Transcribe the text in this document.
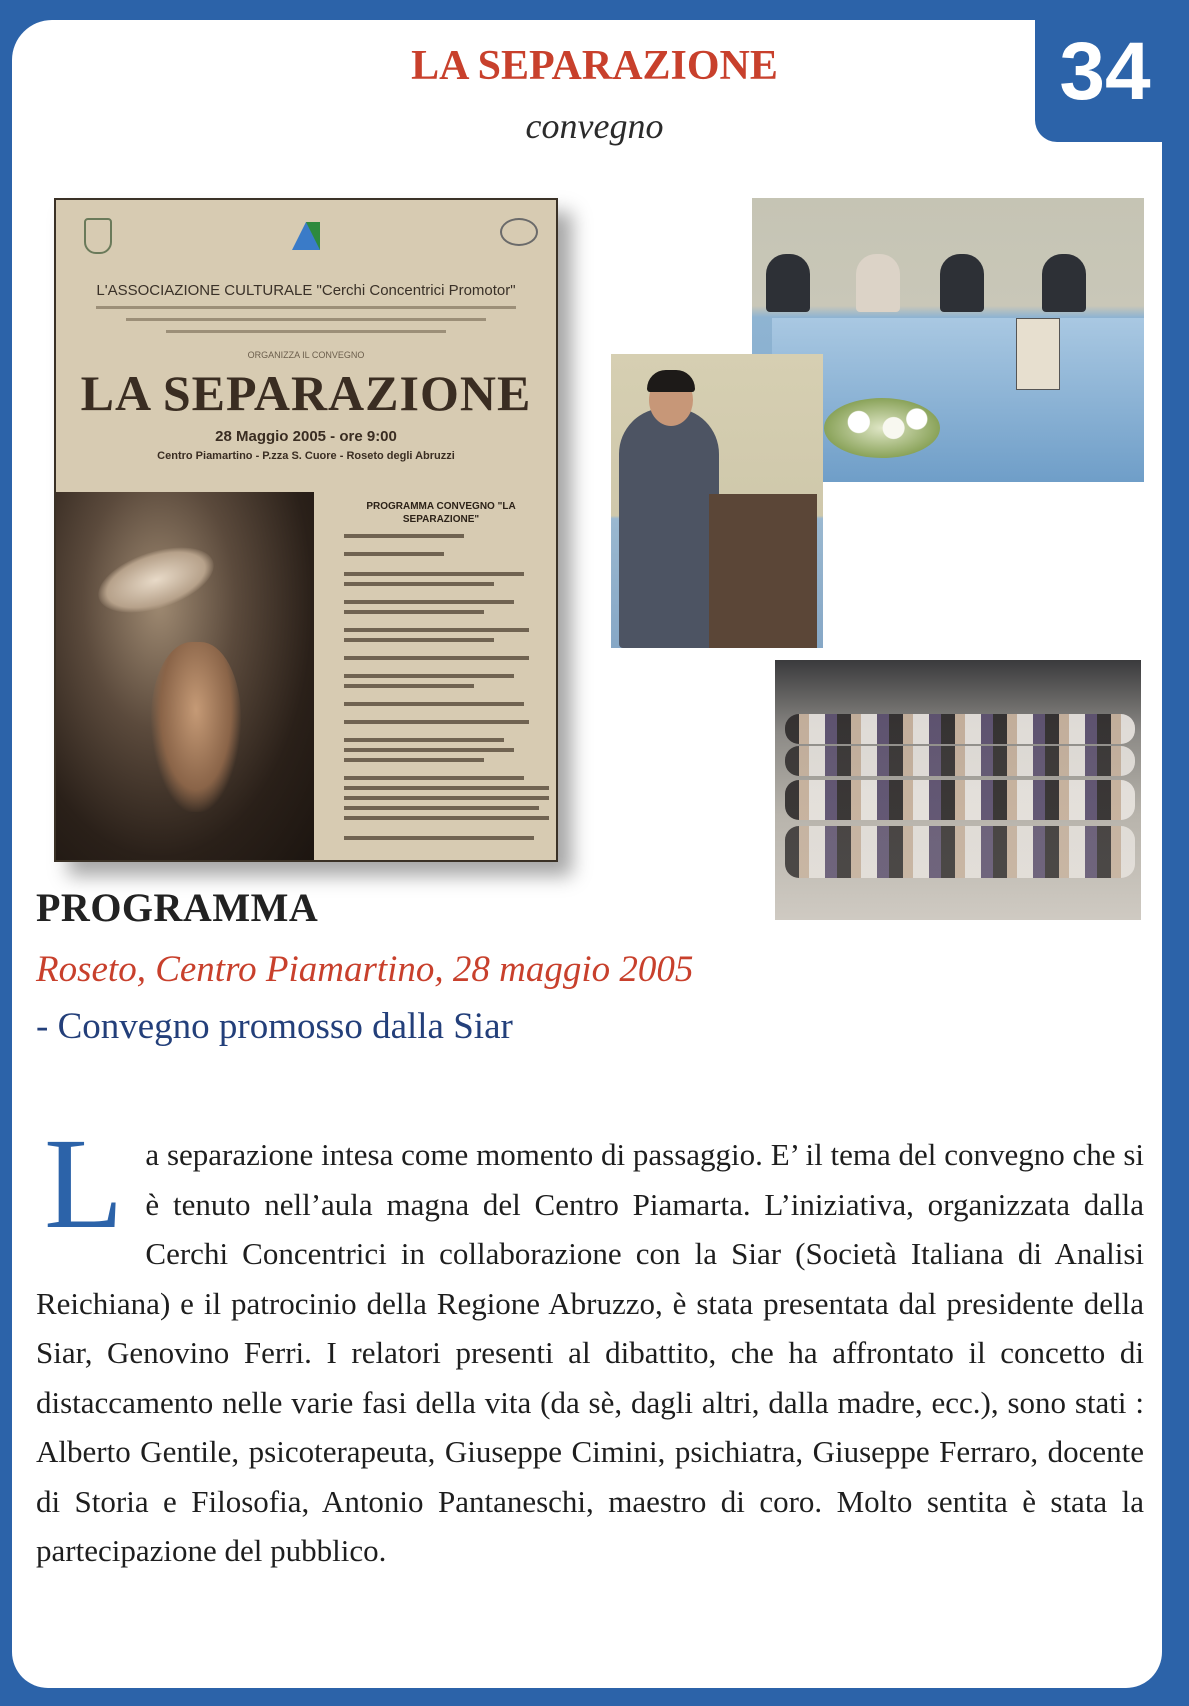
34
LA SEPARAZIONE
convegno
L'ASSOCIAZIONE CULTURALE "Cerchi Concentrici Promotor"
ORGANIZZA IL CONVEGNO
LA SEPARAZIONE
28 Maggio 2005 - ore 9:00
Centro Piamartino - P.zza S. Cuore - Roseto degli Abruzzi
PROGRAMMA CONVEGNO "LA SEPARAZIONE"
PROGRAMMA
Roseto, Centro Piamartino, 28 maggio 2005
- Convegno promosso dalla Siar
La separazione intesa come momento di passaggio. E’ il tema del convegno che si è tenuto nell’aula magna del Centro Piamarta. L’iniziativa, organizzata dalla Cerchi Concentrici in collaborazione con la Siar (Società Italiana di Analisi Reichiana) e il patrocinio della Regione Abruzzo, è stata presentata dal presidente della Siar, Genovino Ferri. I relatori presenti al dibattito, che ha affrontato il concetto di distaccamento nelle varie fasi della vita (da sè, dagli altri, dalla madre, ecc.), sono stati : Alberto Gentile, psicoterapeuta, Giuseppe Cimini, psichiatra, Giuseppe Ferraro, docente di Storia e Filosofia, Antonio Pantaneschi, maestro di coro. Molto sentita è stata la partecipazione del pubblico.
